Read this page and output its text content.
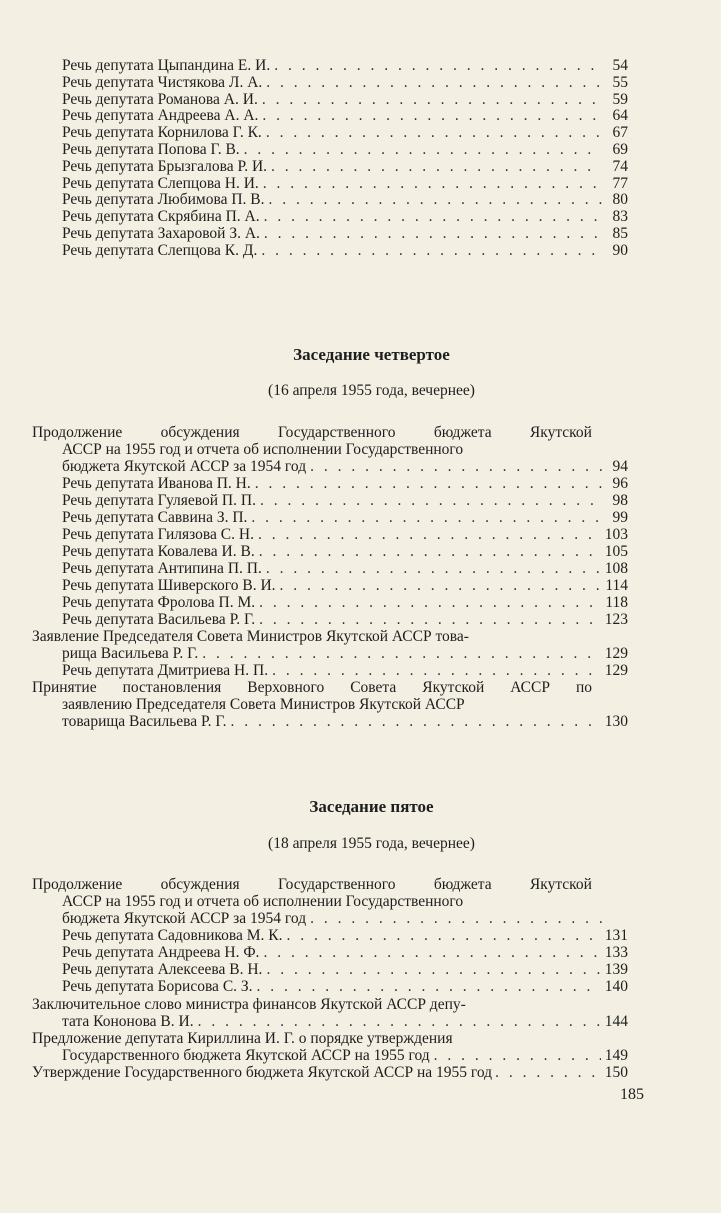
Речь депутата Цыпандина Е. И. . . .	54
Речь депутата Чистякова Л. А. . . .	55
Речь депутата Романова А. И. . . .	59
Речь депутата Андреева А. А. . . .	64
Речь депутата Корнилова Г. К. . . .	67
Речь депутата Попова Г. В. . . .	69
Речь депутата Брызгалова Р. И. . . .	74
Речь депутата Слепцова Н. И. . . .	77
Речь депутата Любимова П. В. . . .	80
Речь депутата Скрябина П. А. . . .	83
Речь депутата Захаровой З. А. . . .	85
Речь депутата Слепцова К. Д. . . .	90
Заседание четвертое
(16 апреля 1955 года, вечернее)
Продолжение обсуждения Государственного бюджета Якутской
АССР на 1955 год и отчета об исполнении Государственного
бюджета Якутской АССР за 1954 год . . .	94
Речь депутата Иванова П. Н. . . .	96
Речь депутата Гуляевой П. П. . . .	98
Речь депутата Саввина З. П. . . .	99
Речь депутата Гилязова С. Н. . . .	103
Речь депутата Ковалева И. В. . . .	105
Речь депутата Антипина П. П. . . .	108
Речь депутата Шиверского В. И. . . .	114
Речь депутата Фролова П. М. . . .	118
Речь депутата Васильева Р. Г. . . .	123
Заявление Председателя Совета Министров Якутской АССР това-
рища Васильева Р. Г. . . .	129
Речь депутата Дмитриева Н. П. . . .	129
Принятие постановления Верховного Совета Якутской АССР по
заявлению Председателя Совета Министров Якутской АССР
товарища Васильева Р. Г. . . .	130
Заседание пятое
(18 апреля 1955 года, вечернее)
Продолжение обсуждения Государственного бюджета Якутской
АССР на 1955 год и отчета об исполнении Государственного
бюджета Якутской АССР за 1954 год
. . .
Речь депутата Садовникова М. К. . . .	131
Речь депутата Андреева Н. Ф. . . .	133
Речь депутата Алексеева В. Н. . . .	139
Речь депутата Борисова С. З. . . .	140
Заключительное слово министра финансов Якутской АССР депу-
тата Кононова В. И. . . .	144
Предложение депутата Кириллина И. Г. о порядке утверждения
Государственного бюджета Якутской АССР на 1955 год . . .	149
Утверждение Государственного бюджета Якутской АССР на 1955 год . . .	150
185
